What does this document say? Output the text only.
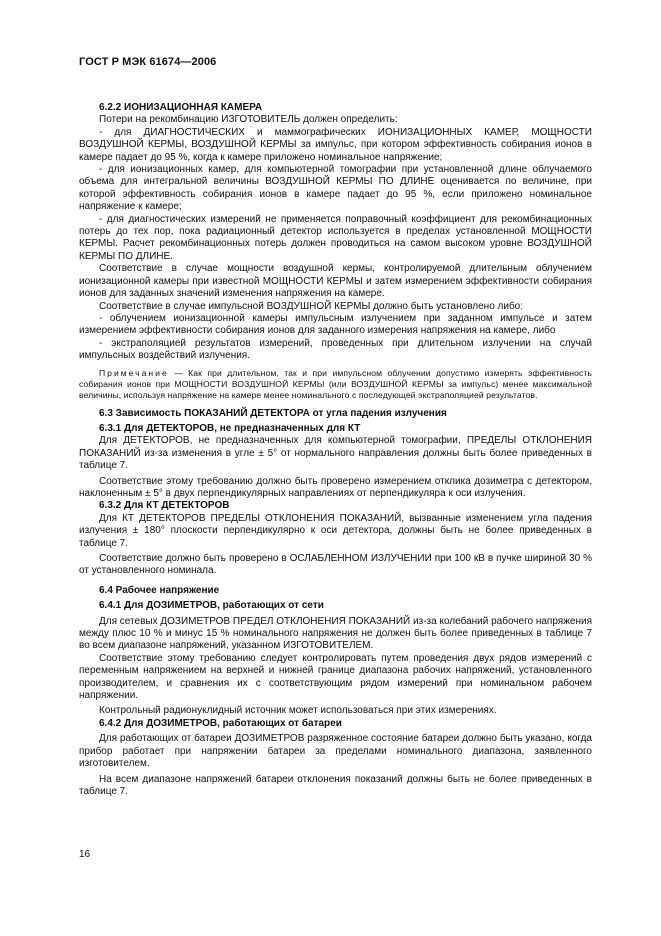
ГОСТ Р МЭК 61674—2006

6.2.2 ИОНИЗАЦИОННАЯ КАМЕРА

Потери на рекомбинацию ИЗГОТОВИТЕЛЬ должен определить:

- для ДИАГНОСТИЧЕСКИХ и маммографических ИОНИЗАЦИОННЫХ КАМЕР, МОЩНОСТИ ВОЗДУШНОЙ КЕРМЫ, ВОЗДУШНОЙ КЕРМЫ за импульс, при котором эффективность собирания ионов в камере падает до 95 %, когда к камере приложено номинальное напряжение;

- для ионизационных камер, для компьютерной томографии при установленной длине облучаемого объема для интегральной величины ВОЗДУШНОЙ КЕРМЫ ПО ДЛИНЕ оценивается по величине, при которой эффективность собирания ионов в камере падает до 95 %, если приложено номинальное напряжение к камере;

- для диагностических измерений не применяется поправочный коэффициент для рекомбинационных потерь до тех пор, пока радиационный детектор используется в пределах установленной МОЩНОСТИ КЕРМЫ. Расчет рекомбинационных потерь должен проводиться на самом высоком уровне ВОЗДУШНОЙ КЕРМЫ ПО ДЛИНЕ.

Соответствие в случае мощности воздушной кермы, контролируемой длительным облучением ионизационной камеры при известной МОЩНОСТИ КЕРМЫ и затем измерением эффективности собирания ионов для заданных значений изменения напряжения на камере.

Соответствие в случае импульсной ВОЗДУШНОЙ КЕРМЫ должно быть установлено либо:

- облучением ионизационной камеры импульсным излучением при заданном импульсе и затем измерением эффективности собирания ионов для заданного измерения напряжения на камере, либо

- экстраполяцией результатов измерений, проведенных при длительном излучении на случай импульсных воздействий излучения.

Примечание — Как при длительном, так и при импульсном облучении допустимо измерять эффективность собирания ионов при МОЩНОСТИ ВОЗДУШНОЙ КЕРМЫ (или ВОЗДУШНОЙ КЕРМЫ за импульс) менее максимальной величины, используя напряжение на камере менее номинального с последующей экстраполяцией результатов.

6.3 Зависимость ПОКАЗАНИЙ ДЕТЕКТОРА от угла падения излучения

6.3.1 Для ДЕТЕКТОРОВ, не предназначенных для КТ

Для ДЕТЕКТОРОВ, не предназначенных для компьютерной томографии, ПРЕДЕЛЫ ОТКЛОНЕНИЯ ПОКАЗАНИЙ из-за изменения в угле ± 5° от нормального направления должны быть более приведенных в таблице 7.

Соответствие этому требованию должно быть проверено измерением отклика дозиметра с детектором, наклоненным ± 5° в двух перпендикулярных направлениях от перпендикуляра к оси излучения.

6.3.2 Для КТ ДЕТЕКТОРОВ

Для КТ ДЕТЕКТОРОВ ПРЕДЕЛЫ ОТКЛОНЕНИЯ ПОКАЗАНИЙ, вызванные изменением угла падения излучения ± 180° плоскости перпендикулярно к оси детектора, должны быть не более приведенных в таблице 7.

Соответствие должно быть проверено в ОСЛАБЛЕННОМ ИЗЛУЧЕНИИ при 100 кВ в пучке шириной 30 % от установленного номинала.

6.4 Рабочее напряжение

6.4.1 Для ДОЗИМЕТРОВ, работающих от сети

Для сетевых ДОЗИМЕТРОВ ПРЕДЕЛ ОТКЛОНЕНИЯ ПОКАЗАНИЙ из-за колебаний рабочего напряжения между плюс 10 % и минус 15 % номинального напряжения не должен быть более приведенных в таблице 7 во всем диапазоне напряжений, указанном ИЗГОТОВИТЕЛЕМ.

Соответствие этому требованию следует контролировать путем проведения двух рядов измерений с переменным напряжением на верхней и нижней границе диапазона рабочих напряжений, установленного производителем, и сравнения их с соответствующим рядом измерений при номинальном рабочем напряжении.

Контрольный радионуклидный источник может использоваться при этих измерениях.

6.4.2 Для ДОЗИМЕТРОВ, работающих от батареи

Для работающих от батареи ДОЗИМЕТРОВ разряженное состояние батареи должно быть указано, когда прибор работает при напряжении батареи за пределами номинального диапазона, заявленного изготовителем.

На всем диапазоне напряжений батареи отклонения показаний должны быть не более приведенных в таблице 7.

16
